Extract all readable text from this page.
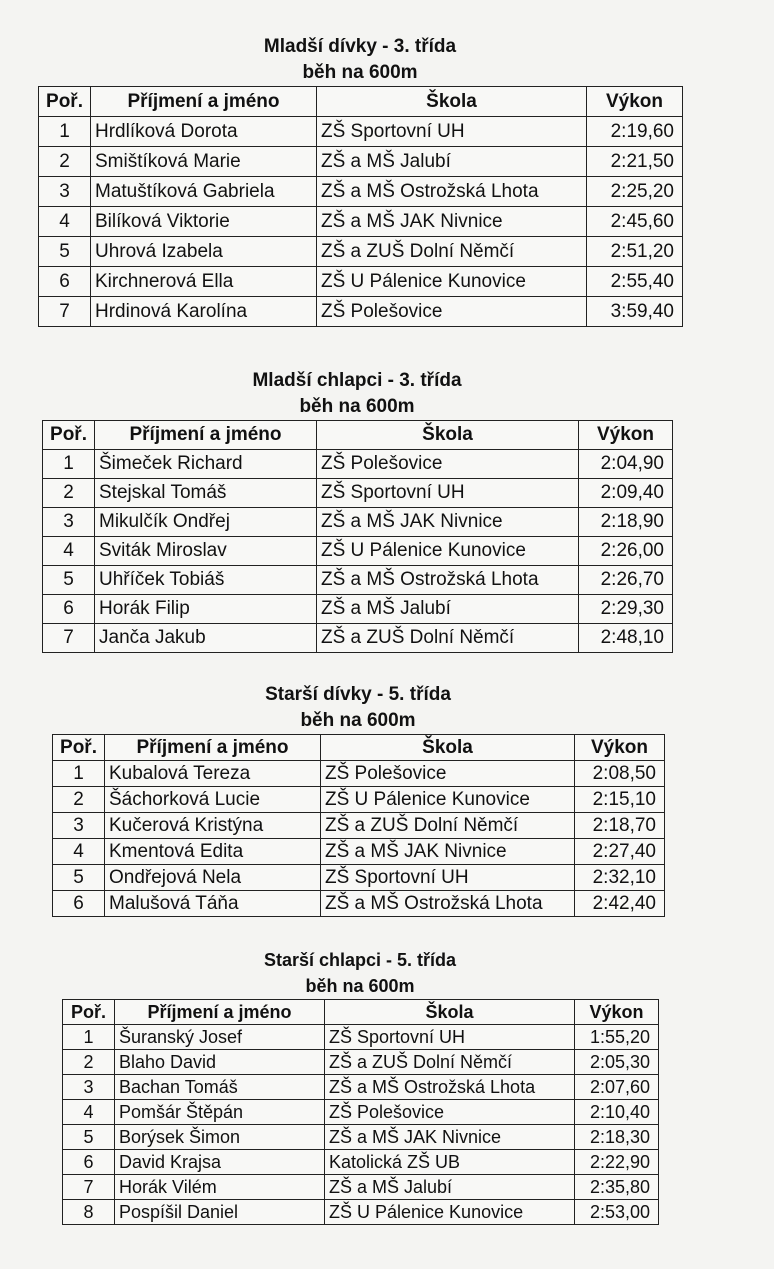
Mladší dívky - 3. třída
běh na 600m
Poř.	Příjmení a jméno	Škola	Výkon
1	Hrdlíková Dorota	ZŠ Sportovní UH	2:19,60
2	Smištíková Marie	ZŠ a MŠ Jalubí	2:21,50
3	Matuštíková Gabriela	ZŠ a MŠ Ostrožská Lhota	2:25,20
4	Bilíková Viktorie	ZŠ a MŠ JAK Nivnice	2:45,60
5	Uhrová Izabela	ZŠ a ZUŠ Dolní Němčí	2:51,20
6	Kirchnerová Ella	ZŠ U Pálenice Kunovice	2:55,40
7	Hrdinová Karolína	ZŠ Polešovice	3:59,40
Mladší chlapci - 3. třída
běh na 600m
Poř.	Příjmení a jméno	Škola	Výkon
1	Šimeček Richard	ZŠ Polešovice	2:04,90
2	Stejskal Tomáš	ZŠ Sportovní UH	2:09,40
3	Mikulčík Ondřej	ZŠ a MŠ JAK Nivnice	2:18,90
4	Sviták Miroslav	ZŠ U Pálenice Kunovice	2:26,00
5	Uhříček Tobiáš	ZŠ a MŠ Ostrožská Lhota	2:26,70
6	Horák Filip	ZŠ a MŠ Jalubí	2:29,30
7	Janča Jakub	ZŠ a ZUŠ Dolní Němčí	2:48,10
Starší dívky - 5. třída
běh na 600m
Poř.	Příjmení a jméno	Škola	Výkon
1	Kubalová Tereza	ZŠ Polešovice	2:08,50
2	Šáchorková Lucie	ZŠ U Pálenice Kunovice	2:15,10
3	Kučerová Kristýna	ZŠ a ZUŠ Dolní Němčí	2:18,70
4	Kmentová Edita	ZŠ a MŠ JAK Nivnice	2:27,40
5	Ondřejová Nela	ZŠ Sportovní UH	2:32,10
6	Malušová Táňa	ZŠ a MŠ Ostrožská Lhota	2:42,40
Starší chlapci - 5. třída
běh na 600m
Poř.	Příjmení a jméno	Škola	Výkon
1	Šuranský Josef	ZŠ Sportovní UH	1:55,20
2	Blaho David	ZŠ a ZUŠ Dolní Němčí	2:05,30
3	Bachan Tomáš	ZŠ a MŠ Ostrožská Lhota	2:07,60
4	Pomšár Štěpán	ZŠ Polešovice	2:10,40
5	Borýsek Šimon	ZŠ a MŠ JAK Nivnice	2:18,30
6	David Krajsa	Katolická ZŠ UB	2:22,90
7	Horák Vilém	ZŠ a MŠ Jalubí	2:35,80
8	Pospíšil Daniel	ZŠ U Pálenice Kunovice	2:53,00
